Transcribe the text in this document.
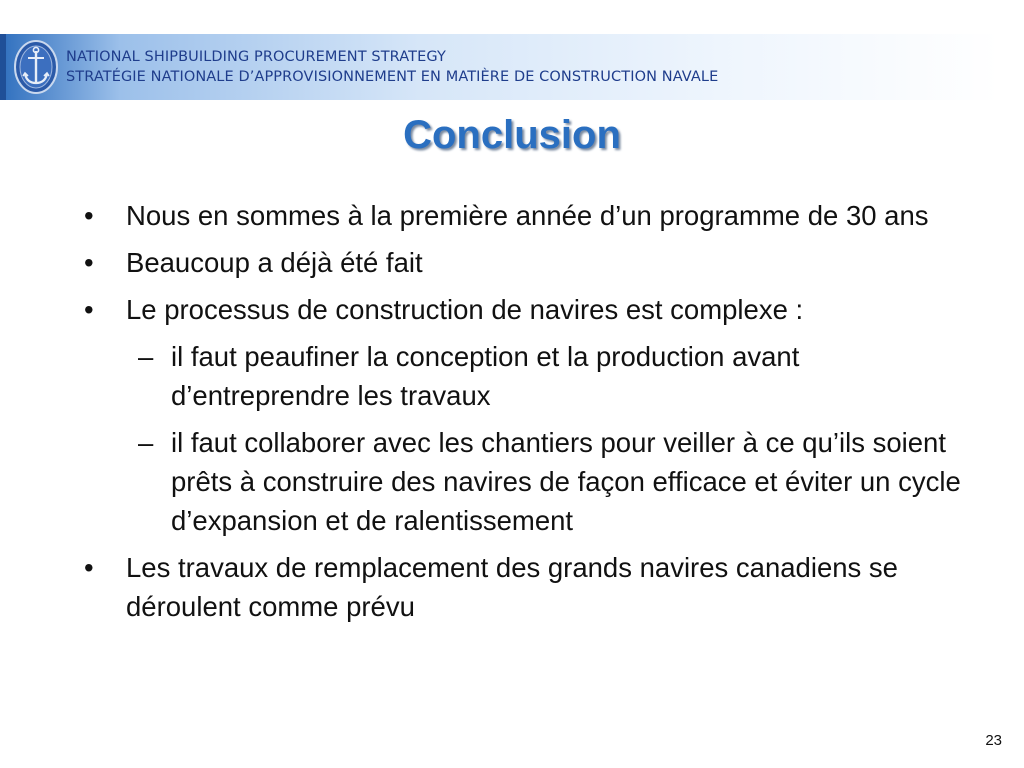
NATIONAL SHIPBUILDING PROCUREMENT STRATEGY
STRATÉGIE NATIONALE D’APPROVISIONNEMENT EN MATIÈRE DE CONSTRUCTION NAVALE
Conclusion
• Nous en sommes à la première année d’un programme de 30 ans
• Beaucoup a déjà été fait
• Le processus de construction de navires est complexe :
– il faut peaufiner la conception et la production avant d’entreprendre les travaux
– il faut collaborer avec les chantiers pour veiller à ce qu’ils soient prêts à construire des navires de façon efficace et éviter un cycle d’expansion et de ralentissement
• Les travaux de remplacement des grands navires canadiens se déroulent comme prévu
23
